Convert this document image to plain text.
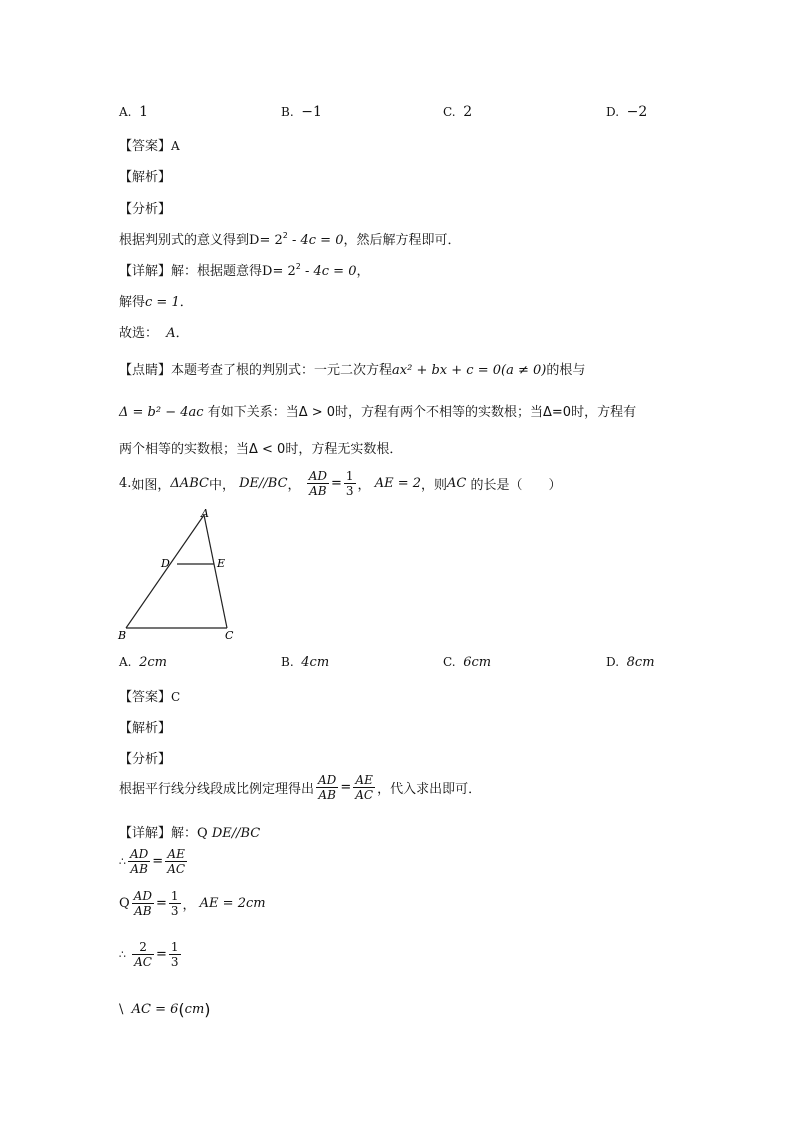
A. 1	B. −1	C. 2	D. −2
【答案】A
【解析】
【分析】
根据判别式的意义得到$D= 2^2 - 4c = 0$，然后解方程即可．
【详解】解：根据题意得$D= 2^2 - 4c = 0$，
解得c = 1．
故选： A．
【点睛】本题考查了根的判别式：一元二次方程ax² + bx + c = 0(a ≠ 0)的根与
Δ = b² − 4ac 有如下关系：当Δ > 0时，方程有两个不相等的实数根；当Δ=0时，方程有
两个相等的实数根；当Δ < 0时，方程无实数根．
4. 如图， ΔABC 中，
DE//BC ，
$\frac{AD}{AB} = \frac{1}{3}$ ，
AE = 2 ，则 AC
的长是（　　）
A
D	E
B	C
A. 2cm	B. 4cm	C. 6cm	D. 8cm
【答案】C
【解析】
【分析】
根据平行线分线段成比例定理得出 $\frac{AD}{AB} = \frac{AE}{AC}$ ，代入求出即可．
【详解】解：Q DE//BC
∴ $\frac{AD}{AB} = \frac{AE}{AC}$
Q $\frac{AD}{AB} = \frac{1}{3}$ ，
AE = 2cm
∴
$\frac{2}{AC} = \frac{1}{3}$
\
AC = 6 ( cm )
